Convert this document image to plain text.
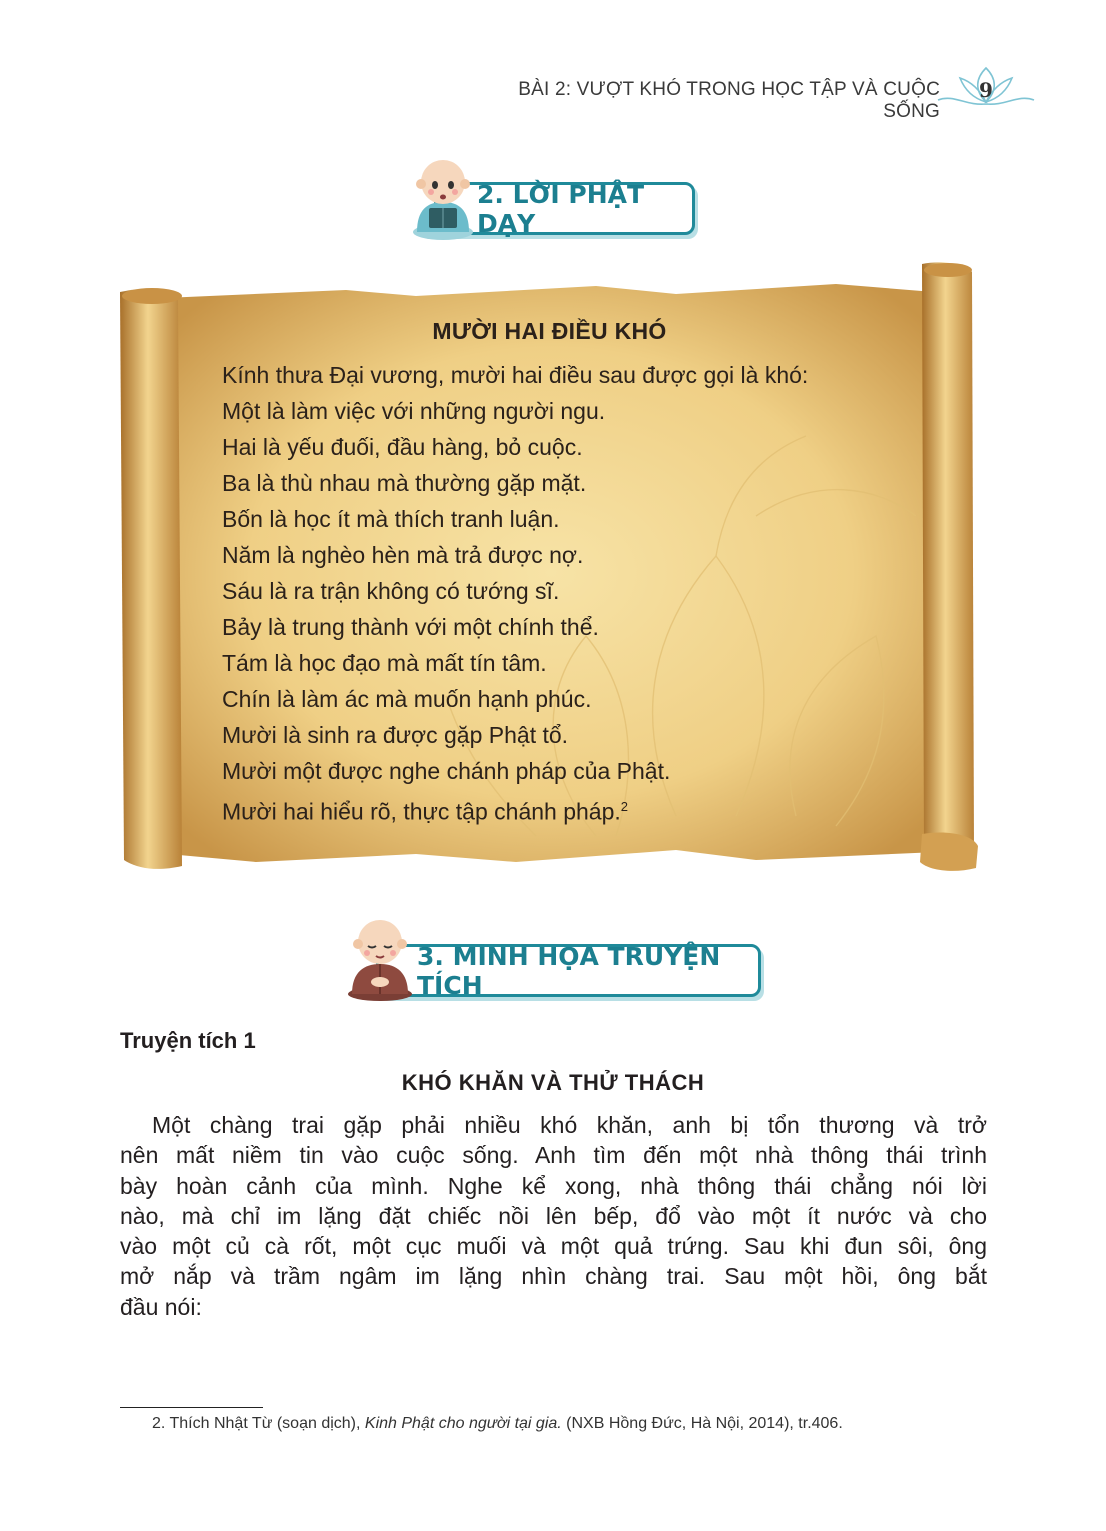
BÀI 2: VƯỢT KHÓ TRONG HỌC TẬP VÀ CUỘC SỐNG
9
2. LỜI PHẬT DẠY
MƯỜI HAI ĐIỀU KHÓ
Kính thưa Đại vương, mười hai điều sau được gọi là khó:
Một là làm việc với những người ngu.
Hai là yếu đuối, đầu hàng, bỏ cuộc.
Ba là thù nhau mà thường gặp mặt.
Bốn là học ít mà thích tranh luận.
Năm là nghèo hèn mà trả được nợ.
Sáu là ra trận không có tướng sĩ.
Bảy là trung thành với một chính thể.
Tám là học đạo mà mất tín tâm.
Chín là làm ác mà muốn hạnh phúc.
Mười là sinh ra được gặp Phật tổ.
Mười một được nghe chánh pháp của Phật.
Mười hai hiểu rõ, thực tập chánh pháp.$^2$
3. MINH HỌA TRUYỆN TÍCH
Truyện tích 1
KHÓ KHĂN VÀ THỬ THÁCH
Một chàng trai gặp phải nhiều khó khăn, anh bị tổn thương và trở
nên mất niềm tin vào cuộc sống. Anh tìm đến một nhà thông thái trình
bày hoàn cảnh của mình. Nghe kể xong, nhà thông thái chẳng nói lời
nào, mà chỉ im lặng đặt chiếc nồi lên bếp, đổ vào một ít nước và cho
vào một củ cà rốt, một cục muối và một quả trứng. Sau khi đun sôi, ông
mở nắp và trầm ngâm im lặng nhìn chàng trai. Sau một hồi, ông bắt
đầu nói:
2. Thích Nhật Từ (soạn dịch), Kinh Phật cho người tại gia. (NXB Hồng Đức, Hà Nội, 2014), tr.406.
